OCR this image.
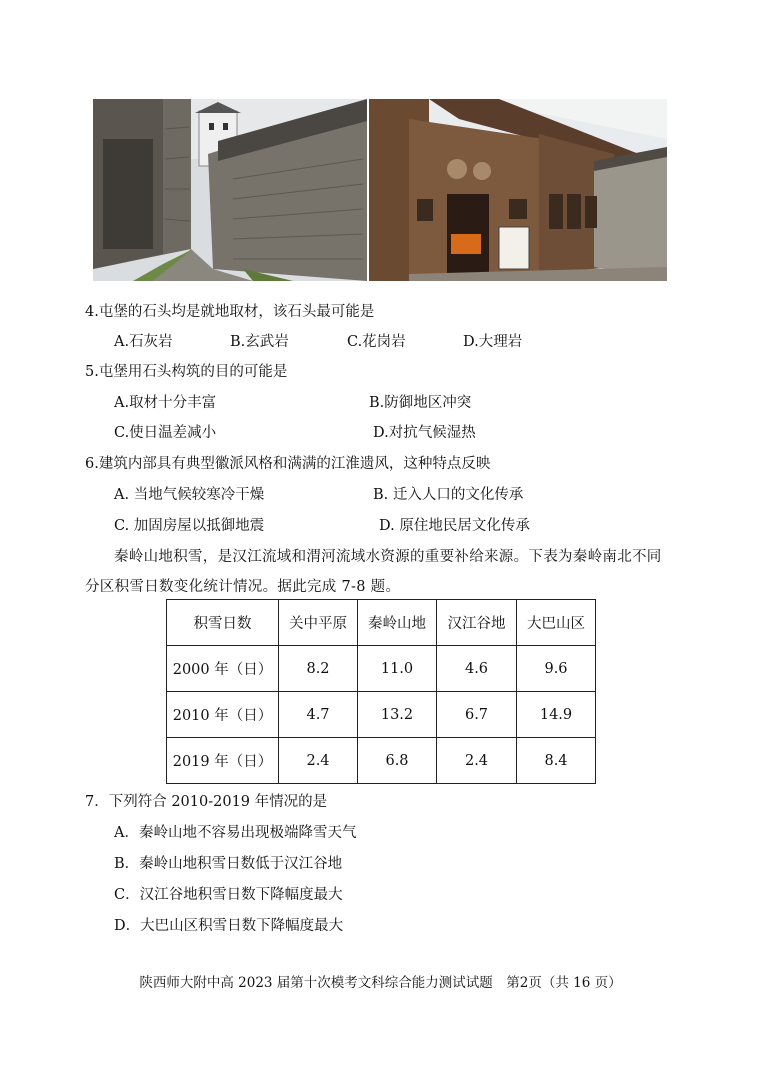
4.屯堡的石头均是就地取材，该石头最可能是
A.石灰岩	B.玄武岩	C.花岗岩	D.大理岩
5.屯堡用石头构筑的目的可能是
A.取材十分丰富	B.防御地区冲突
C.使日温差减小	D.对抗气候湿热
6.建筑内部具有典型徽派风格和满满的江淮遗风，这种特点反映
A. 当地气候较寒冷干燥	B. 迁入人口的文化传承
C. 加固房屋以抵御地震	D. 原住地民居文化传承
秦岭山地积雪，是汉江流域和渭河流域水资源的重要补给来源。下表为秦岭南北不同
分区积雪日数变化统计情况。据此完成 7-8 题。
积雪日数	关中平原	秦岭山地	汉江谷地	大巴山区
2000 年（日）	8.2	11.0	4.6	9.6
2010 年（日）	4.7	13.2	6.7	14.9
2019 年（日）	2.4	6.8	2.4	8.4
7．下列符合 2010-2019 年情况的是
A．秦岭山地不容易出现极端降雪天气
B．秦岭山地积雪日数低于汉江谷地
C．汉江谷地积雪日数下降幅度最大
D．大巴山区积雪日数下降幅度最大
陕西师大附中高 2023 届第十次模考文科综合能力测试试题　第2页（共 16 页）
